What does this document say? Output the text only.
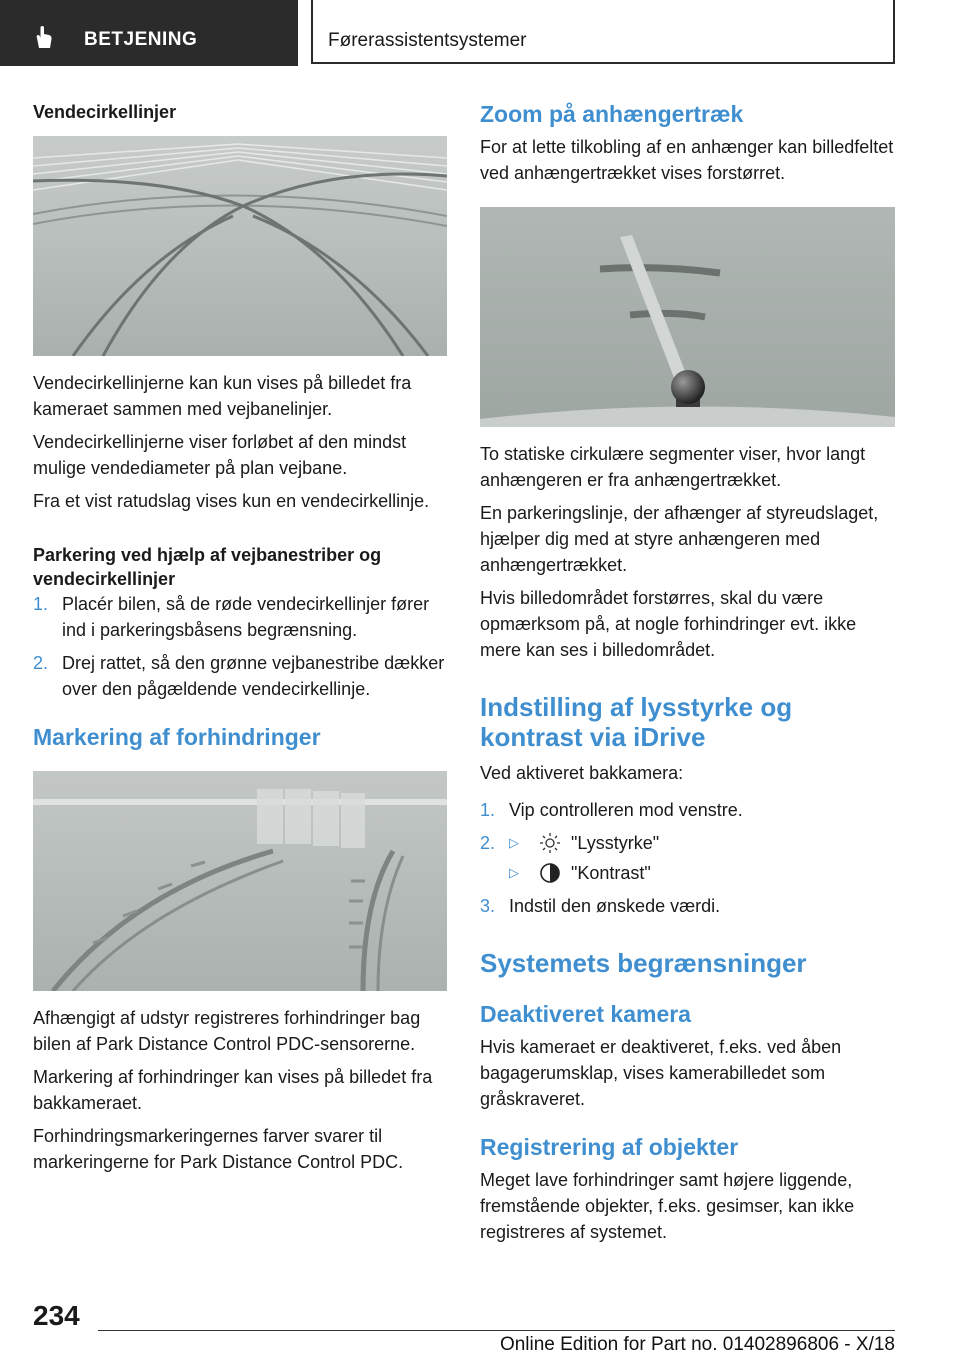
BETJENING	Førerassistentsystemer
Vendecirkellinjer

Vendecirkellinjerne kan kun vises på billedet fra kameraet sammen med vejbanelinjer.

Vendecirkellinjerne viser forløbet af den mindst mulige vendediameter på plan vejbane.

Fra et vist ratudslag vises kun en vendecirkellinje.

Parkering ved hjælp af vejbanestriber og vendecirkellinjer
1. Placér bilen, så de røde vendecirkellinjer fører ind i parkeringsbåsens begrænsning.
2. Drej rattet, så den grønne vejbanestribe dækker over den pågældende vendecirkellinje.
Markering af forhindringer

Afhængigt af udstyr registreres forhindringer bag bilen af Park Distance Control PDC-sensorerne.

Markering af forhindringer kan vises på billedet fra bakkameraet.

Forhindringsmarkeringernes farver svarer til markeringerne for Park Distance Control PDC.

Zoom på anhængertræk

For at lette tilkobling af en anhænger kan billedfeltet ved anhængertrækket vises forstørret.

To statiske cirkulære segmenter viser, hvor langt anhængeren er fra anhængertrækket.

En parkeringslinje, der afhænger af styreudslaget, hjælper dig med at styre anhængeren med anhængertrækket.

Hvis billedområdet forstørres, skal du være opmærksom på, at nogle forhindringer evt. ikke mere kan ses i billedområdet.

Indstilling af lysstyrke og kontrast via iDrive

Ved aktiveret bakkamera:

1. Vip controlleren mod venstre.
2. ▷	"Lysstyrke"
▷	"Kontrast"
3. Indstil den ønskede værdi.
Systemets begrænsninger
Deaktiveret kamera

Hvis kameraet er deaktiveret, f.eks. ved åben bagagerumsklap, vises kamerabilledet som gråskraveret.

Registrering af objekter

Meget lave forhindringer samt højere liggende, fremstående objekter, f.eks. gesimser, kan ikke registreres af systemet.

234
Online Edition for Part no. 01402896806 - X/18
